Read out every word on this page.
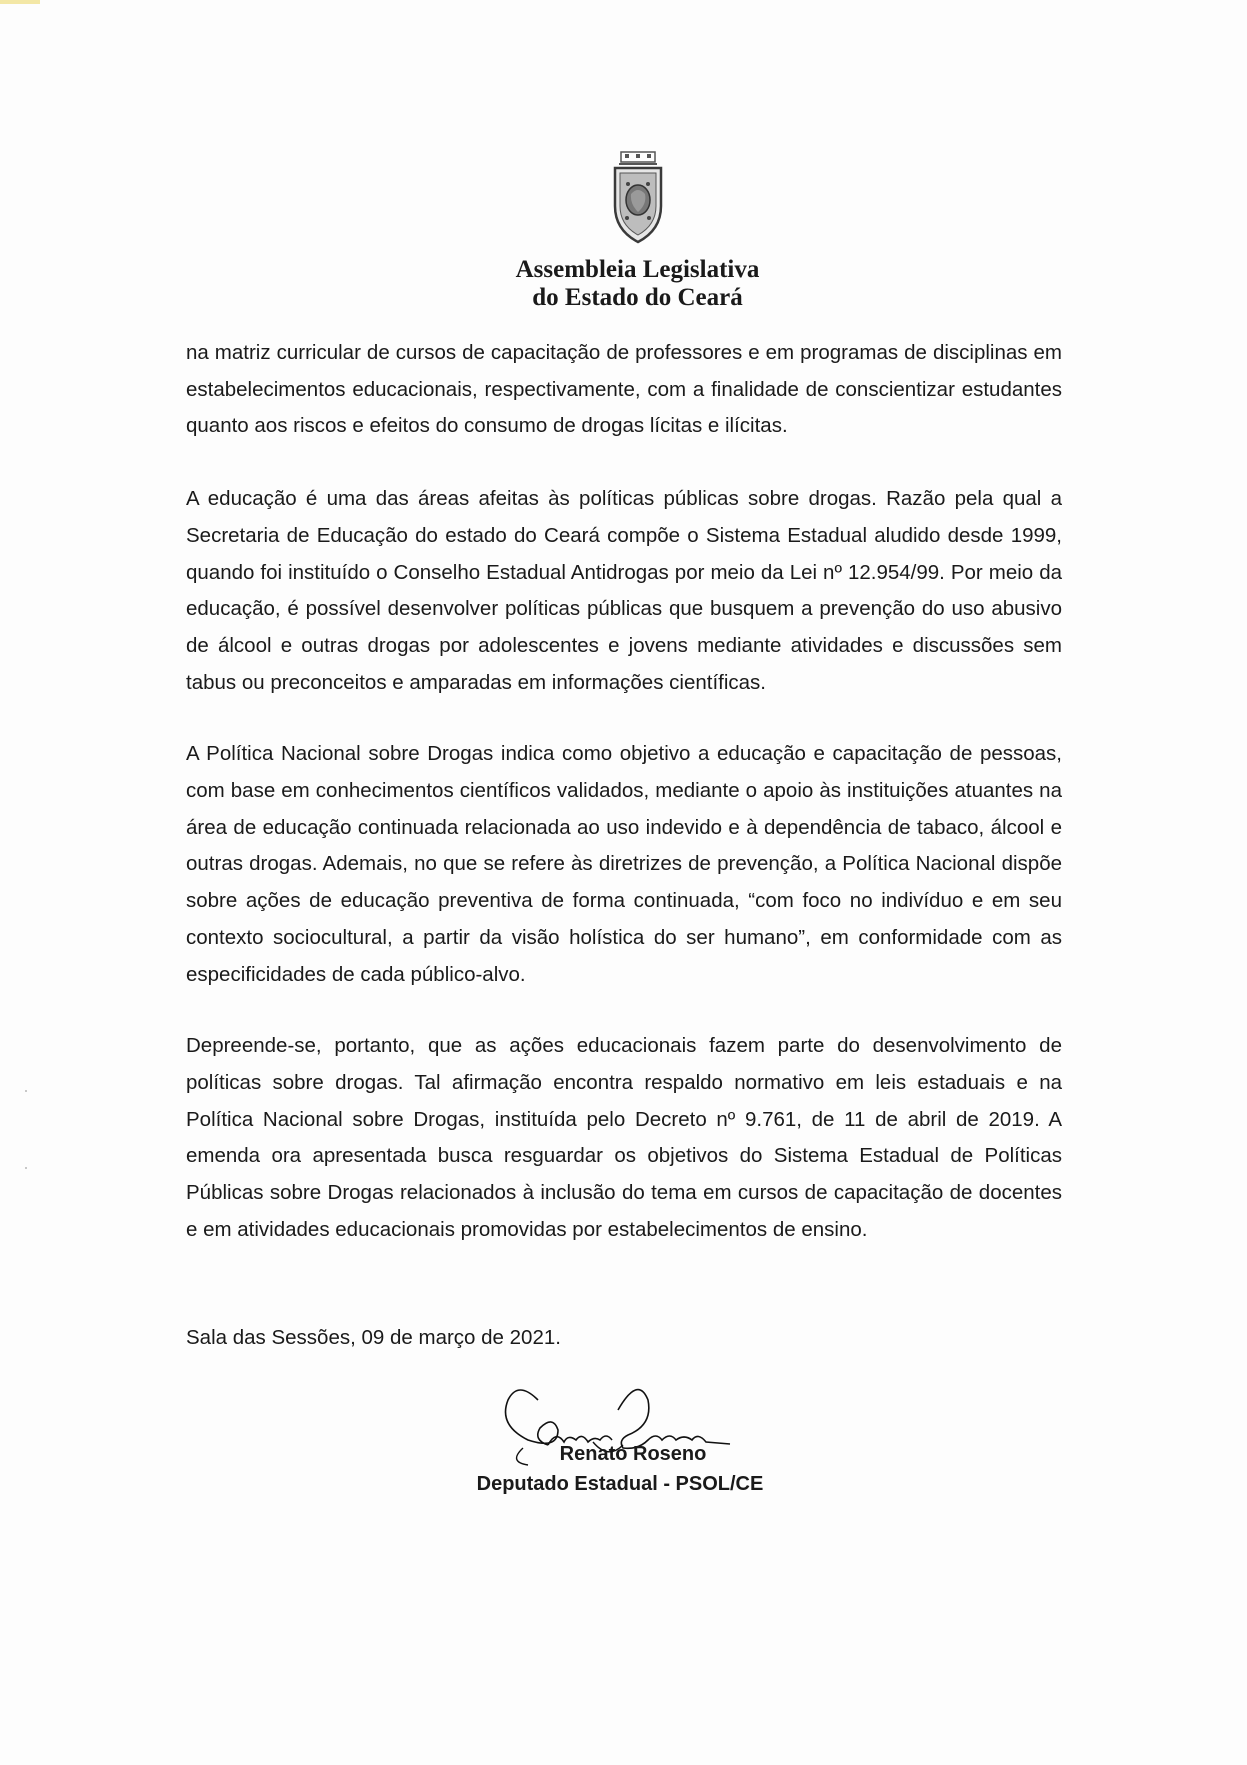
Assembleia Legislativa
do Estado do Ceará

na matriz curricular de cursos de capacitação de professores e em programas de disciplinas em estabelecimentos educacionais, respectivamente, com a finalidade de conscientizar estudantes quanto aos riscos e efeitos do consumo de drogas lícitas e ilícitas.

A educação é uma das áreas afeitas às políticas públicas sobre drogas. Razão pela qual a Secretaria de Educação do estado do Ceará compõe o Sistema Estadual aludido desde 1999, quando foi instituído o Conselho Estadual Antidrogas por meio da Lei nº 12.954/99. Por meio da educação, é possível desenvolver políticas públicas que busquem a prevenção do uso abusivo de álcool e outras drogas por adolescentes e jovens mediante atividades e discussões sem tabus ou preconceitos e amparadas em informações científicas.

A Política Nacional sobre Drogas indica como objetivo a educação e capacitação de pessoas, com base em conhecimentos científicos validados, mediante o apoio às instituições atuantes na área de educação continuada relacionada ao uso indevido e à dependência de tabaco, álcool e outras drogas. Ademais, no que se refere às diretrizes de prevenção, a Política Nacional dispõe sobre ações de educação preventiva de forma continuada, “com foco no indivíduo e em seu contexto sociocultural, a partir da visão holística do ser humano”, em conformidade com as especificidades de cada público-alvo.

Depreende-se, portanto, que as ações educacionais fazem parte do desenvolvimento de políticas sobre drogas. Tal afirmação encontra respaldo normativo em leis estaduais e na Política Nacional sobre Drogas, instituída pelo Decreto nº 9.761, de 11 de abril de 2019. A emenda ora apresentada busca resguardar os objetivos do Sistema Estadual de Políticas Públicas sobre Drogas relacionados à inclusão do tema em cursos de capacitação de docentes e em atividades educacionais promovidas por estabelecimentos de ensino.

Sala das Sessões, 09 de março de 2021.
Renato Roseno
Deputado Estadual - PSOL/CE
